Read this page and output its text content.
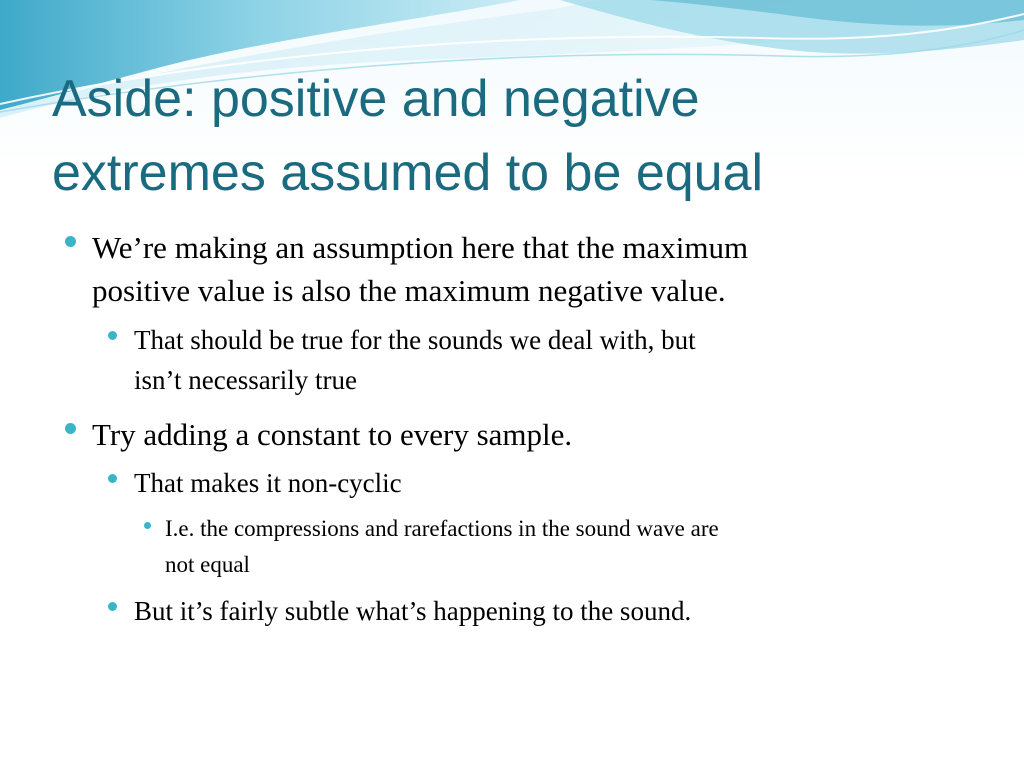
Aside: positive and negative
extremes assumed to be equal
We’re making an assumption here that the maximum
positive value is also the maximum negative value.
That should be true for the sounds we deal with, but
isn’t necessarily true
Try adding a constant to every sample.
That makes it non-cyclic
I.e. the compressions and rarefactions in the sound wave are
not equal
But it’s fairly subtle what’s happening to the sound.
